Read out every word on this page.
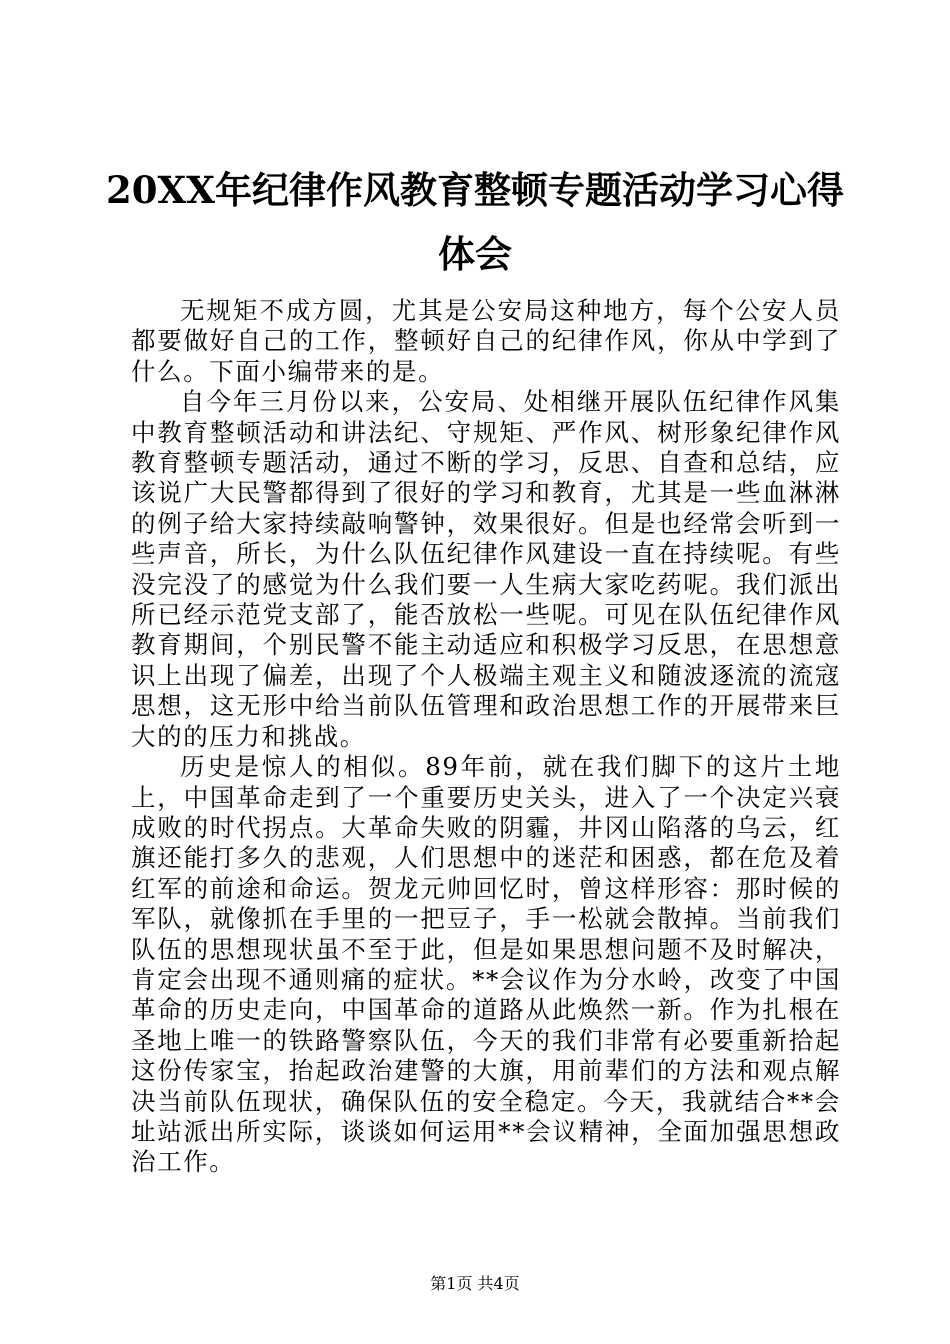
20XX年纪律作风教育整顿专题活动学习心得体会

无规矩不成方圆，尤其是公安局这种地方，每个公安人员都要做好自己的工作，整顿好自己的纪律作风，你从中学到了什么。下面小编带来的是。

自今年三月份以来，公安局、处相继开展队伍纪律作风集中教育整顿活动和讲法纪、守规矩、严作风、树形象纪律作风教育整顿专题活动，通过不断的学习，反思、自查和总结，应该说广大民警都得到了很好的学习和教育，尤其是一些血淋淋的例子给大家持续敲响警钟，效果很好。但是也经常会听到一些声音，所长，为什么队伍纪律作风建设一直在持续呢。有些没完没了的感觉为什么我们要一人生病大家吃药呢。我们派出所已经示范党支部了，能否放松一些呢。可见在队伍纪律作风教育期间，个别民警不能主动适应和积极学习反思，在思想意识上出现了偏差，出现了个人极端主观主义和随波逐流的流寇思想，这无形中给当前队伍管理和政治思想工作的开展带来巨大的的压力和挑战。

历史是惊人的相似。89年前，就在我们脚下的这片土地上，中国革命走到了一个重要历史关头，进入了一个决定兴衰成败的时代拐点。大革命失败的阴霾，井冈山陷落的乌云，红旗还能打多久的悲观，人们思想中的迷茫和困惑，都在危及着红军的前途和命运。贺龙元帅回忆时，曾这样形容：那时候的军队，就像抓在手里的一把豆子，手一松就会散掉。当前我们队伍的思想现状虽不至于此，但是如果思想问题不及时解决，肯定会出现不通则痛的症状。**会议作为分水岭，改变了中国革命的历史走向，中国革命的道路从此焕然一新。作为扎根在圣地上唯一的铁路警察队伍，今天的我们非常有必要重新拾起这份传家宝，抬起政治建警的大旗，用前辈们的方法和观点解决当前队伍现状，确保队伍的安全稳定。今天，我就结合**会址站派出所实际，谈谈如何运用**会议精神，全面加强思想政治工作。

第1页 共4页
